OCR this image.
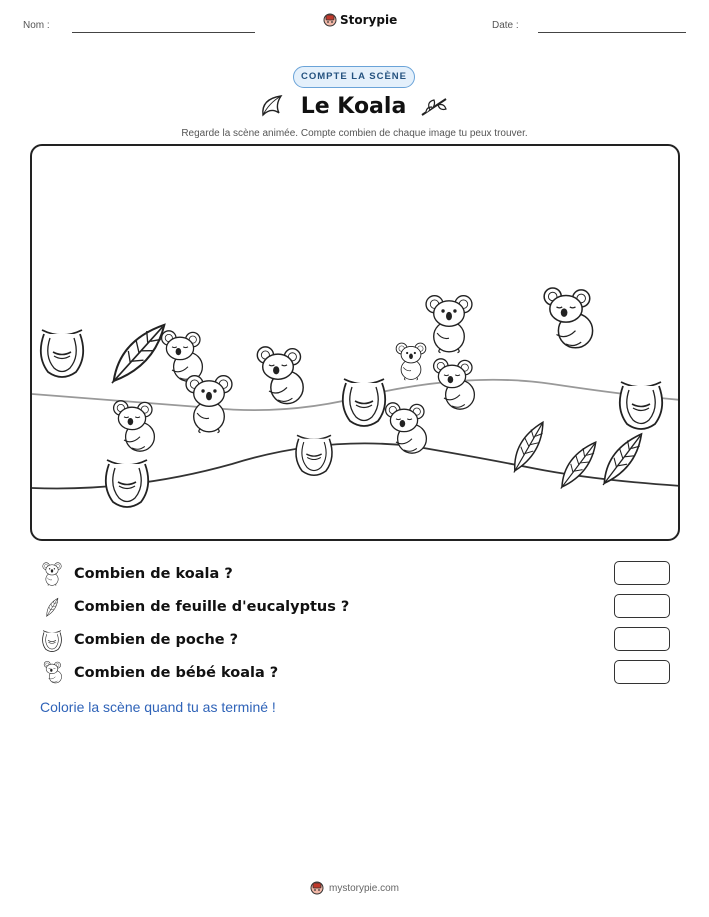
Nom :	Storypie	Date :
COMPTE LA SCÈNE
Le Koala
Regarde la scène animée. Compte combien de chaque image tu peux trouver.
Combien de koala ?
Combien de feuille d'eucalyptus ?
Combien de poche ?
Combien de bébé koala ?
Colorie la scène quand tu as terminé !
mystorypie.com
